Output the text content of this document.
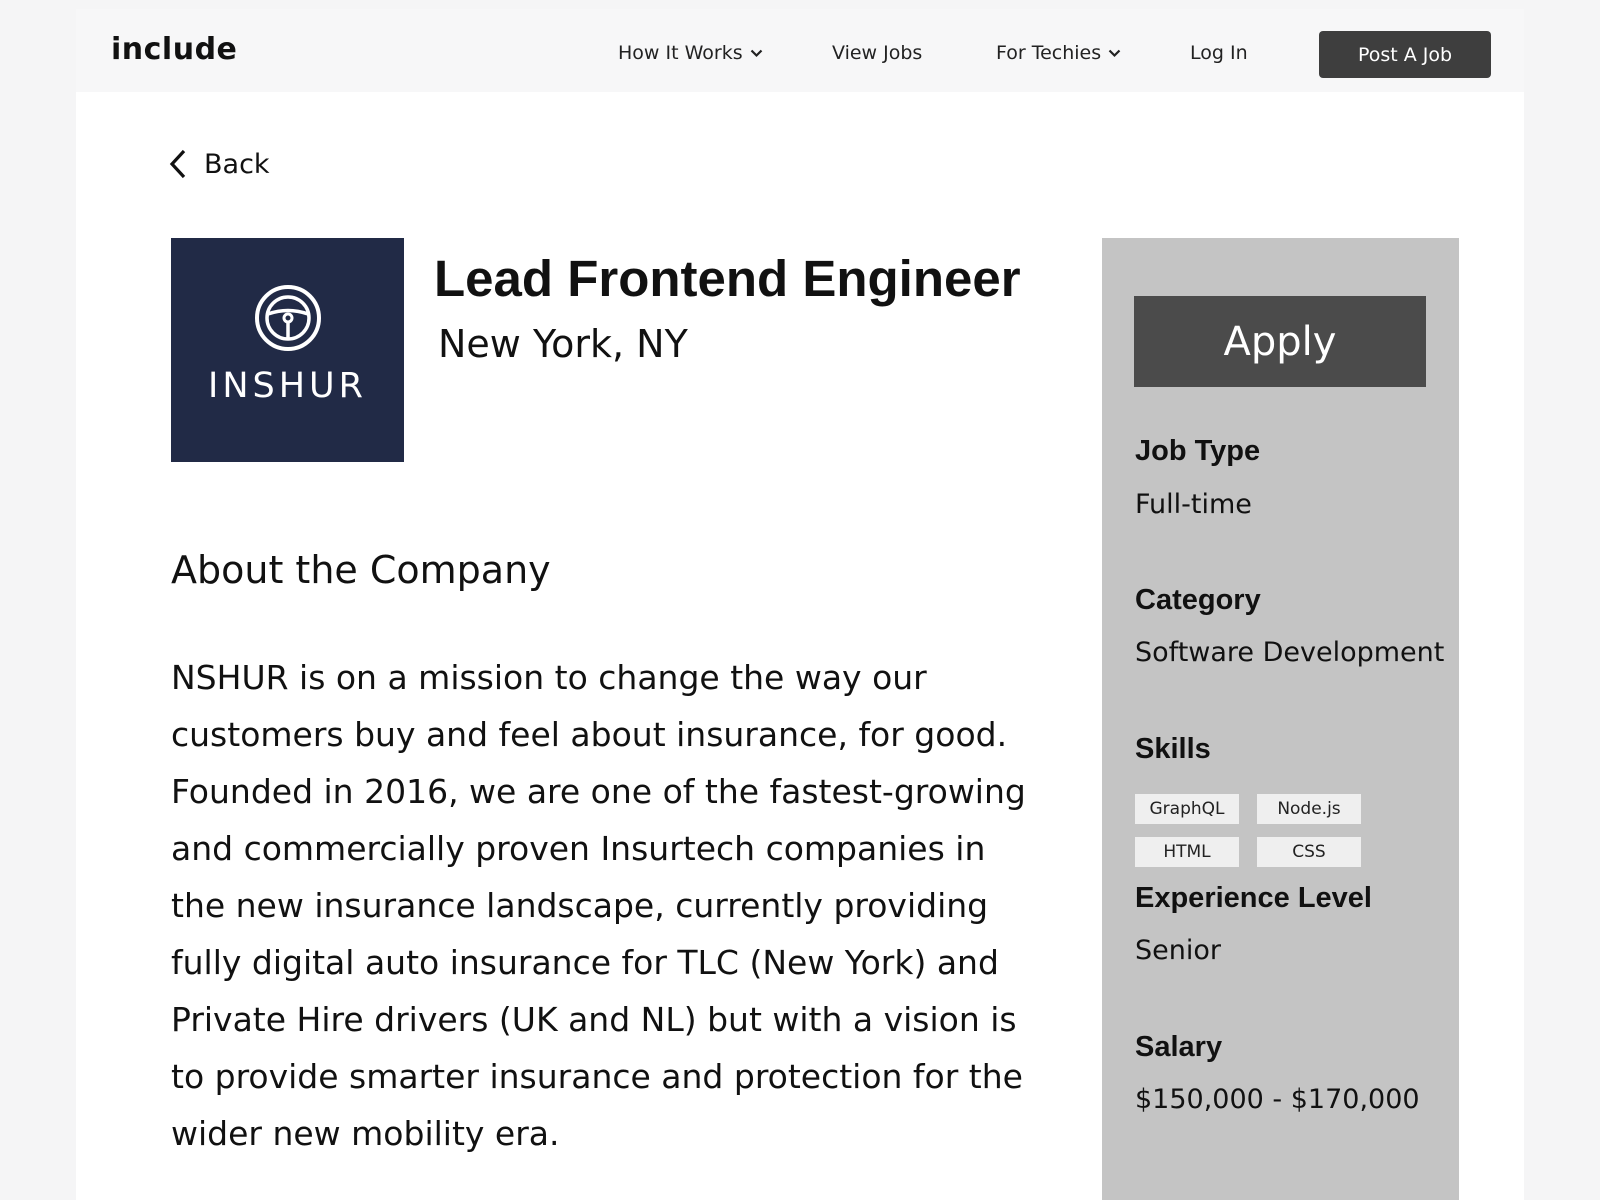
include	How It Works	View Jobs	For Techies	Log In	Post A Job
Back
INSHUR
Lead Frontend Engineer
New York, NY
About the Company
NSHUR is on a mission to change the way our
customers buy and feel about insurance, for good.
Founded in 2016, we are one of the fastest-growing
and commercially proven Insurtech companies in
the new insurance landscape, currently providing
fully digital auto insurance for TLC (New York) and
Private Hire drivers (UK and NL) but with a vision is
to provide smarter insurance and protection for the
wider new mobility era.
Apply
Job Type
Full-time
Category
Software Development
Skills
GraphQL	Node.js
HTML	CSS
Experience Level
Senior
Salary
$150,000 - $170,000
